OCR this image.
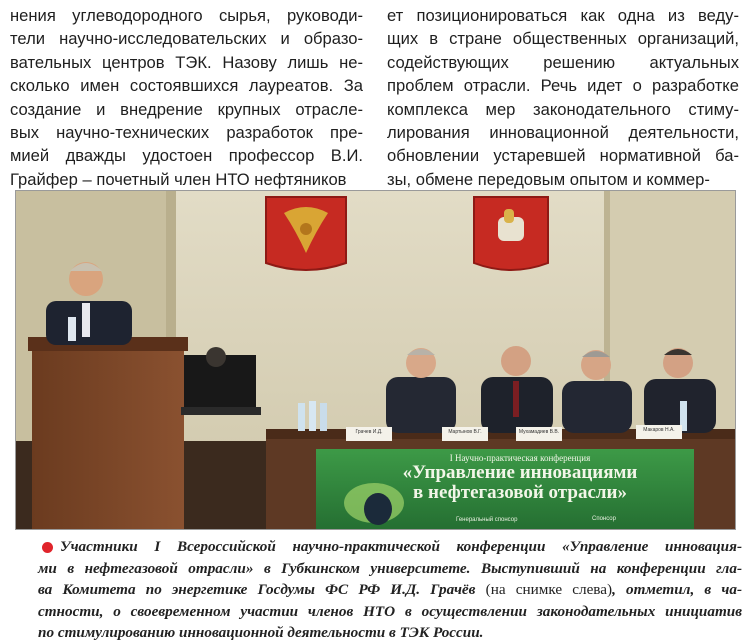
нения углеводородного сырья, руководи-
тели научно-исследовательских и образо-
вательных центров ТЭК. Назову лишь не-
сколько имен состоявшихся лауреатов. За
создание и внедрение крупных отрасле-
вых научно-технических разработок пре-
мией дважды удостоен профессор В.И.
Грайфер – почетный член НТО нефтяников
ет позиционироваться как одна из веду-
щих в стране общественных организаций,
содействующих решению актуальных
проблем отрасли. Речь идет о разработке
комплекса мер законодательного стиму-
лирования инновационной деятельности,
обновлении устаревшей нормативной ба-
зы, обмене передовым опытом и коммер-
I Научно-практическая конференция
«Управление инновациями
в нефтегазовой отрасли»
Генеральный спонсор	Спонсор
Грачев И.Д.	Мартынов В.Г.	Мухамадиев В.В.	Макаров Н.А.
Участники I Всероссийской научно-практической конференции «Управление инновация-
ми в нефтегазовой отрасли» в Губкинском университете. Выступивший на конференции гла-
ва Комитета по энергетике Госдумы ФС РФ И.Д. Грачёв (на снимке слева), отметил, в ча-
стности, о своевременном участии членов НТО в осуществлении законодательных инициатив
по стимулированию инновационной деятельности в ТЭК России.
